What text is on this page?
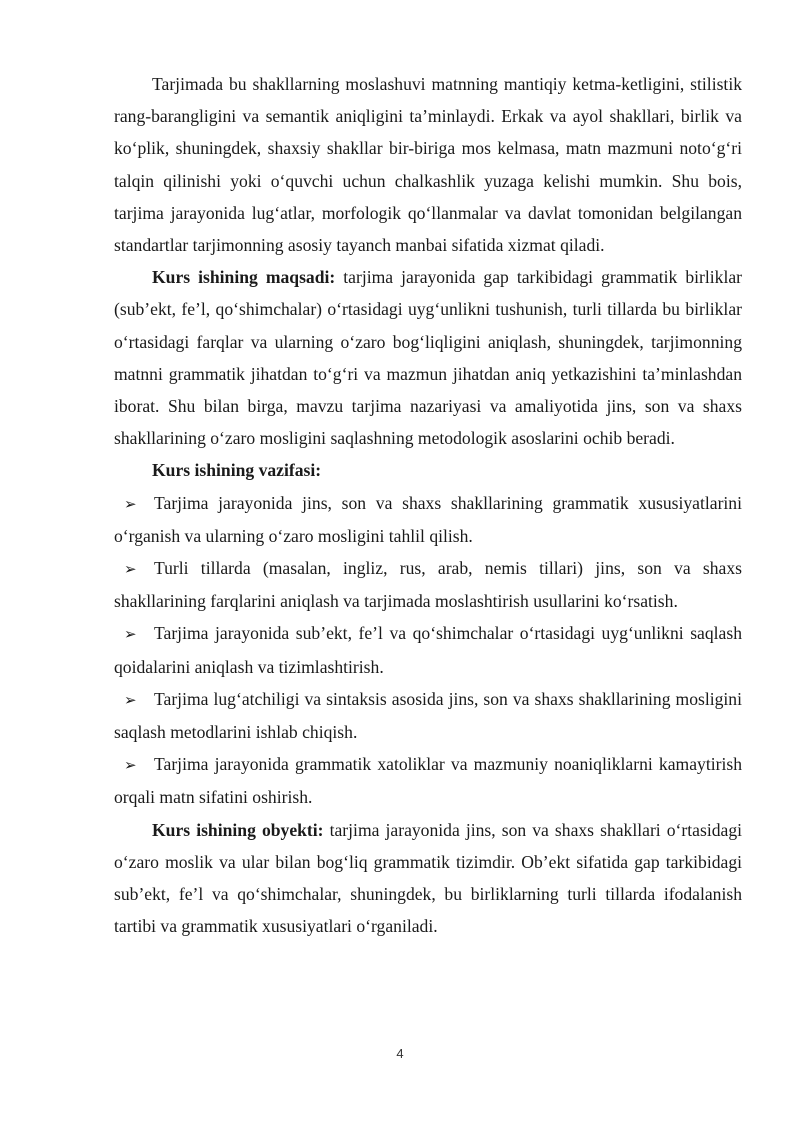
Tarjimada bu shakllarning moslashuvi matnning mantiqiy ketma-ketligini, stilistik rang-barangligini va semantik aniqligini ta’minlaydi. Erkak va ayol shakllari, birlik va ko‘plik, shuningdek, shaxsiy shakllar bir-biriga mos kelmasa, matn mazmuni noto‘g‘ri talqin qilinishi yoki o‘quvchi uchun chalkashlik yuzaga kelishi mumkin. Shu bois, tarjima jarayonida lug‘atlar, morfologik qo‘llanmalar va davlat tomonidan belgilangan standartlar tarjimonning asosiy tayanch manbai sifatida xizmat qiladi.

Kurs ishining maqsadi: tarjima jarayonida gap tarkibidagi grammatik birliklar (sub’ekt, fe’l, qo‘shimchalar) o‘rtasidagi uyg‘unlikni tushunish, turli tillarda bu birliklar o‘rtasidagi farqlar va ularning o‘zaro bog‘liqligini aniqlash, shuningdek, tarjimonning matnni grammatik jihatdan to‘g‘ri va mazmun jihatdan aniq yetkazishini ta’minlashdan iborat. Shu bilan birga, mavzu tarjima nazariyasi va amaliyotida jins, son va shaxs shakllarining o‘zaro mosligini saqlashning metodologik asoslarini ochib beradi.

Kurs ishining vazifasi:

➢ Tarjima jarayonida jins, son va shaxs shakllarining grammatik xususiyatlarini o‘rganish va ularning o‘zaro mosligini tahlil qilish.

➢ Turli tillarda (masalan, ingliz, rus, arab, nemis tillari) jins, son va shaxs shakllarining farqlarini aniqlash va tarjimada moslashtirish usullarini ko‘rsatish.

➢ Tarjima jarayonida sub’ekt, fe’l va qo‘shimchalar o‘rtasidagi uyg‘unlikni saqlash qoidalarini aniqlash va tizimlashtirish.

➢ Tarjima lug‘atchiligi va sintaksis asosida jins, son va shaxs shakllarining mosligini saqlash metodlarini ishlab chiqish.

➢ Tarjima jarayonida grammatik xatoliklar va mazmuniy noaniqliklarni kamaytirish orqali matn sifatini oshirish.

Kurs ishining obyekti: tarjima jarayonida jins, son va shaxs shakllari o‘rtasidagi o‘zaro moslik va ular bilan bog‘liq grammatik tizimdir. Ob’ekt sifatida gap tarkibidagi sub’ekt, fe’l va qo‘shimchalar, shuningdek, bu birliklarning turli tillarda ifodalanish tartibi va grammatik xususiyatlari o‘rganiladi.

4
